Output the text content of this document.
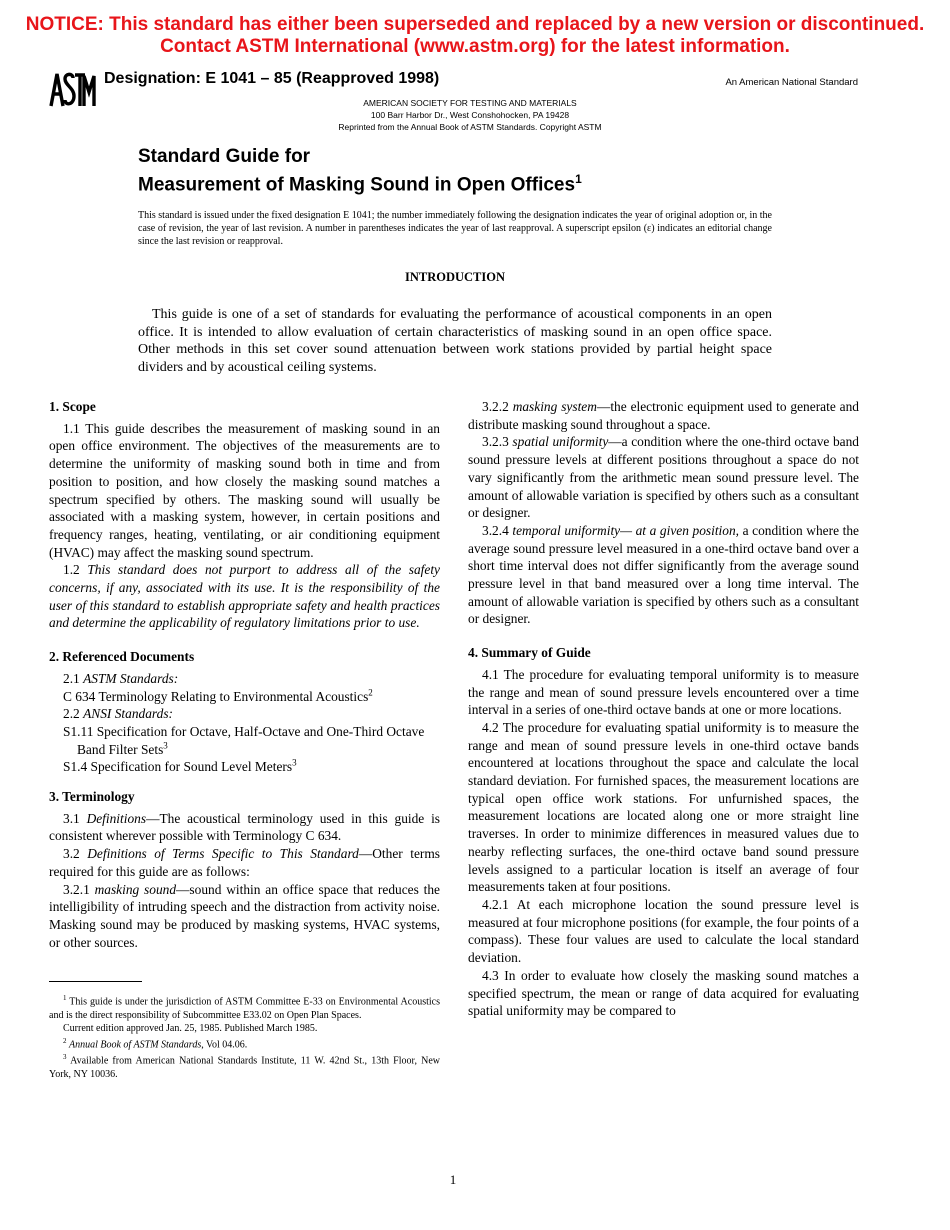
NOTICE: This standard has either been superseded and replaced by a new version or discontinued.
Contact ASTM International (www.astm.org) for the latest information.
Designation: E 1041 – 85 (Reapproved 1998)	An American National Standard
AMERICAN SOCIETY FOR TESTING AND MATERIALS
100 Barr Harbor Dr., West Conshohocken, PA 19428
Reprinted from the Annual Book of ASTM Standards. Copyright ASTM
Standard Guide for
Measurement of Masking Sound in Open Offices$^1$
This standard is issued under the fixed designation E 1041; the number immediately following the designation indicates the year of original adoption or, in the case of revision, the year of last revision. A number in parentheses indicates the year of last reapproval. A superscript epsilon (ε) indicates an editorial change since the last revision or reapproval.
INTRODUCTION

This guide is one of a set of standards for evaluating the performance of acoustical components in an open office. It is intended to allow evaluation of certain characteristics of masking sound in an open office space. Other methods in this set cover sound attenuation between work stations provided by partial height space dividers and by acoustical ceiling systems.

1. Scope

1.1 This guide describes the measurement of masking sound in an open office environment. The objectives of the measurements are to determine the uniformity of masking sound both in time and from position to position, and how closely the masking sound matches a spectrum specified by others. The masking sound will usually be associated with a masking system, however, in certain positions and frequency ranges, heating, ventilating, or air conditioning equipment (HVAC) may affect the masking sound spectrum.

1.2 This standard does not purport to address all of the safety concerns, if any, associated with its use. It is the responsibility of the user of this standard to establish appropriate safety and health practices and determine the applicability of regulatory limitations prior to use.

2. Referenced Documents

2.1 ASTM Standards:

C 634 Terminology Relating to Environmental Acoustics$^2$

2.2 ANSI Standards:

S1.11 Specification for Octave, Half-Octave and One-Third Octave Band Filter Sets$^3$

S1.4 Specification for Sound Level Meters$^3$

3. Terminology

3.1 Definitions—The acoustical terminology used in this guide is consistent wherever possible with Terminology C 634.

3.2 Definitions of Terms Specific to This Standard—Other terms required for this guide are as follows:

3.2.1 masking sound—sound within an office space that reduces the intelligibility of intruding speech and the distraction from activity noise. Masking sound may be produced by masking systems, HVAC systems, or other sources.

$^1$ This guide is under the jurisdiction of ASTM Committee E-33 on Environmental Acoustics and is the direct responsibility of Subcommittee E33.02 on Open Plan Spaces.

Current edition approved Jan. 25, 1985. Published March 1985.

$^2$ Annual Book of ASTM Standards, Vol 04.06.

$^3$ Available from American National Standards Institute, 11 W. 42nd St., 13th Floor, New York, NY 10036.

3.2.2 masking system—the electronic equipment used to generate and distribute masking sound throughout a space.

3.2.3 spatial uniformity—a condition where the one-third octave band sound pressure levels at different positions throughout a space do not vary significantly from the arithmetic mean sound pressure level. The amount of allowable variation is specified by others such as a consultant or designer.

3.2.4 temporal uniformity— at a given position, a condition where the average sound pressure level measured in a one-third octave band over a short time interval does not differ significantly from the average sound pressure level in that band measured over a long time interval. The amount of allowable variation is specified by others such as a consultant or designer.

4. Summary of Guide

4.1 The procedure for evaluating temporal uniformity is to measure the range and mean of sound pressure levels encountered over a time interval in a series of one-third octave bands at one or more locations.

4.2 The procedure for evaluating spatial uniformity is to measure the range and mean of sound pressure levels in one-third octave bands encountered at locations throughout the space and calculate the local standard deviation. For furnished spaces, the measurement locations are typical open office work stations. For unfurnished spaces, the measurement locations are located along one or more straight line traverses. In order to minimize differences in measured values due to nearby reflecting surfaces, the one-third octave band sound pressure levels assigned to a particular location is itself an average of four measurements taken at four positions.

4.2.1 At each microphone location the sound pressure level is measured at four microphone positions (for example, the four points of a compass). These four values are used to calculate the local standard deviation.

4.3 In order to evaluate how closely the masking sound matches a specified spectrum, the mean or range of data acquired for evaluating spatial uniformity may be compared to

1
